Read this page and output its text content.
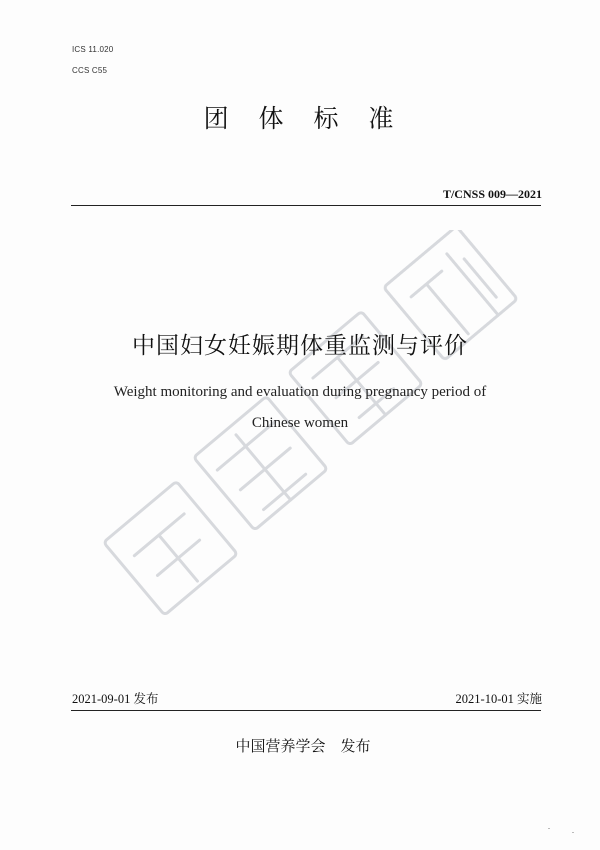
ICS 11.020
CCS C55
团 体 标 准
T/CNSS 009—2021
中国妇女妊娠期体重监测与评价
Weight monitoring and evaluation during pregnancy period of
Chinese women
2021-09-01 发布	2021-10-01 实施
中国营养学会　发布
